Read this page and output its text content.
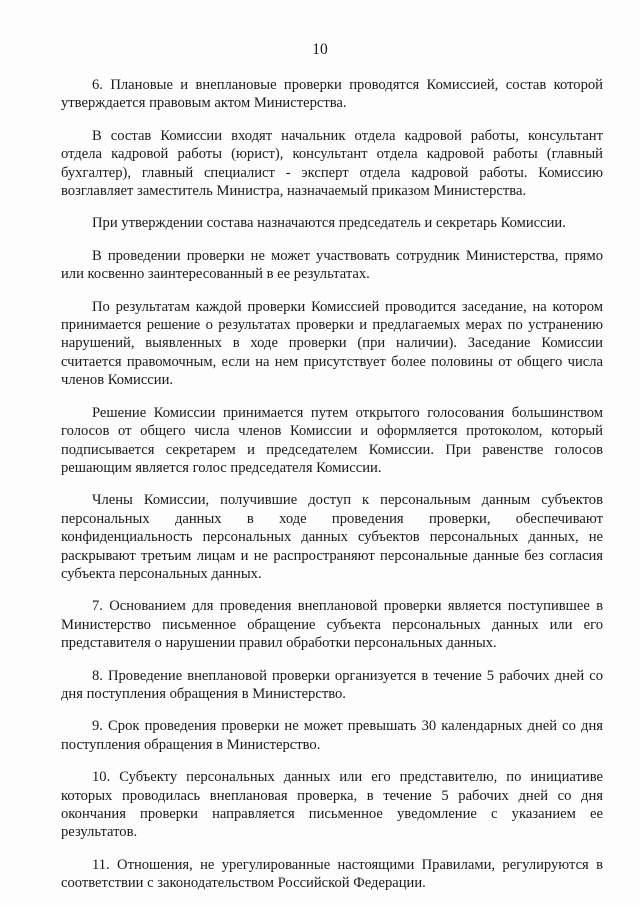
10

6. Плановые и внеплановые проверки проводятся Комиссией, состав которой утверждается правовым актом Министерства.

В состав Комиссии входят начальник отдела кадровой работы, консультант отдела кадровой работы (юрист), консультант отдела кадровой работы (главный бухгалтер), главный специалист - эксперт отдела кадровой работы. Комиссию возглавляет заместитель Министра, назначаемый приказом Министерства.

При утверждении состава назначаются председатель и секретарь Комиссии.

В проведении проверки не может участвовать сотрудник Министерства, прямо или косвенно заинтересованный в ее результатах.

По результатам каждой проверки Комиссией проводится заседание, на котором принимается решение о результатах проверки и предлагаемых мерах по устранению нарушений, выявленных в ходе проверки (при наличии). Заседание Комиссии считается правомочным, если на нем присутствует более половины от общего числа членов Комиссии.

Решение Комиссии принимается путем открытого голосования большинством голосов от общего числа членов Комиссии и оформляется протоколом, который подписывается секретарем и председателем Комиссии. При равенстве голосов решающим является голос председателя Комиссии.

Члены Комиссии, получившие доступ к персональным данным субъектов персональных данных в ходе проведения проверки, обеспечивают конфиденциальность персональных данных субъектов персональных данных, не раскрывают третьим лицам и не распространяют персональные данные без согласия субъекта персональных данных.

7. Основанием для проведения внеплановой проверки является поступившее в Министерство письменное обращение субъекта персональных данных или его представителя о нарушении правил обработки персональных данных.

8. Проведение внеплановой проверки организуется в течение 5 рабочих дней со дня поступления обращения в Министерство.

9. Срок проведения проверки не может превышать 30 календарных дней со дня поступления обращения в Министерство.

10. Субъекту персональных данных или его представителю, по инициативе которых проводилась внеплановая проверка, в течение 5 рабочих дней со дня окончания проверки направляется письменное уведомление с указанием ее результатов.

11. Отношения, не урегулированные настоящими Правилами, регулируются в соответствии с законодательством Российской Федерации.
